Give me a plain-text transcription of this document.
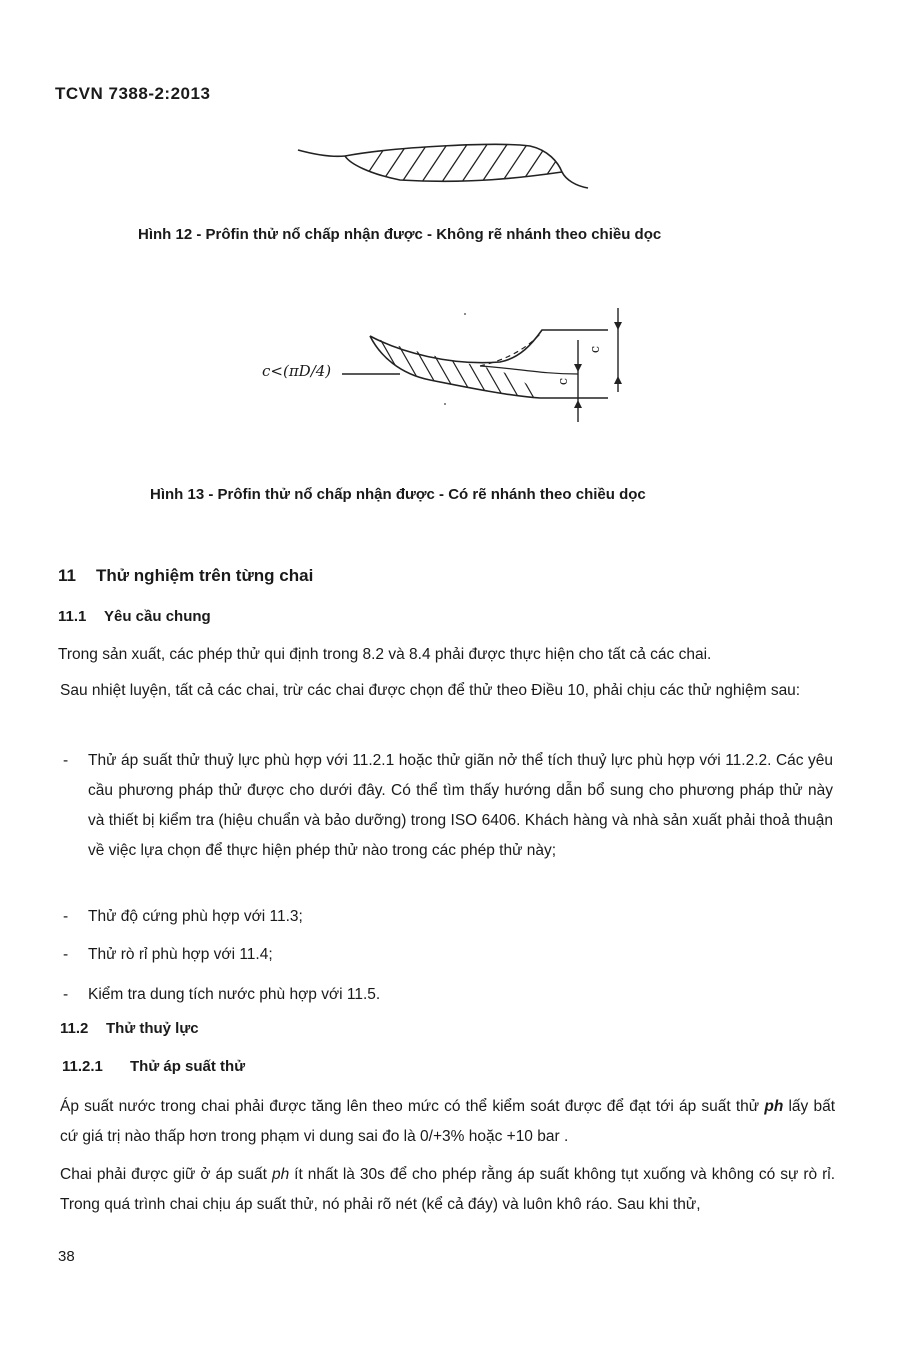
TCVN 7388-2:2013
Hình 12 - Prôfin thử nổ chấp nhận được - Không rẽ nhánh theo chiều dọc
c<(πD/4)
c
c
Hình 13 - Prôfin thử nổ chấp nhận được - Có rẽ nhánh theo chiều dọc
11 Thử nghiệm trên từng chai
11.1 Yêu cầu chung
Trong sản xuất, các phép thử qui định trong 8.2 và 8.4 phải được thực hiện cho tất cả các chai.
Sau nhiệt luyện, tất cả các chai, trừ các chai được chọn để thử theo Điều 10, phải chịu các thử nghiệm sau:
- Thử áp suất thử thuỷ lực phù hợp với 11.2.1 hoặc thử giãn nở thể tích thuỷ lực phù hợp với 11.2.2. Các yêu cầu phương pháp thử được cho dưới đây. Có thể tìm thấy hướng dẫn bổ sung cho phương pháp thử này và thiết bị kiểm tra (hiệu chuẩn và bảo dưỡng) trong ISO 6406. Khách hàng và nhà sản xuất phải thoả thuận về việc lựa chọn để thực hiện phép thử nào trong các phép thử này;
- Thử độ cứng phù hợp với 11.3;
- Thử rò rỉ phù hợp với 11.4;
- Kiểm tra dung tích nước phù hợp với 11.5.
11.2 Thử thuỷ lực
11.2.1 Thử áp suất thử
Áp suất nước trong chai phải được tăng lên theo mức có thể kiểm soát được để đạt tới áp suất thử ph lấy bất cứ giá trị nào thấp hơn trong phạm vi dung sai đo là 0/+3% hoặc +10 bar .
Chai phải được giữ ở áp suất ph ít nhất là 30s để cho phép rằng áp suất không tụt xuống và không có sự rò rỉ. Trong quá trình chai chịu áp suất thử, nó phải rõ nét (kể cả đáy) và luôn khô ráo. Sau khi thử,
38
